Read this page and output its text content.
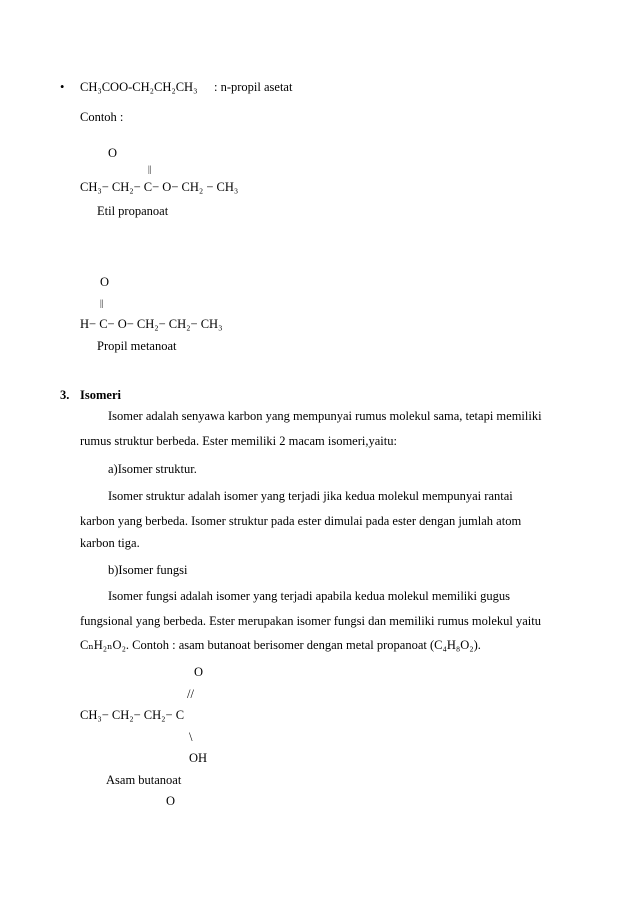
• CH₃COO-CH₂CH₂CH₃ : n-propil asetat
Contoh :
O
||
CH₃− CH₂− C− O− CH₂ − CH₃
Etil propanoat
O
||
H− C− O− CH₂− CH₂− CH₃
Propil metanoat
3. Isomeri
Isomer adalah senyawa karbon yang mempunyai rumus molekul sama, tetapi memiliki
rumus struktur berbeda. Ester memiliki 2 macam isomeri,yaitu:
a)Isomer struktur.
Isomer struktur adalah isomer yang terjadi jika kedua molekul mempunyai rantai
karbon yang berbeda. Isomer struktur pada ester dimulai pada ester dengan jumlah atom
karbon tiga.
b)Isomer fungsi
Isomer fungsi adalah isomer yang terjadi apabila kedua molekul memiliki gugus
fungsional yang berbeda. Ester merupakan isomer fungsi dan memiliki rumus molekul yaitu
CₙH₂ₙO₂. Contoh : asam butanoat berisomer dengan metal propanoat (C₄H₈O₂).
O
//
CH₃− CH₂− CH₂− C
\
OH
Asam butanoat
O
